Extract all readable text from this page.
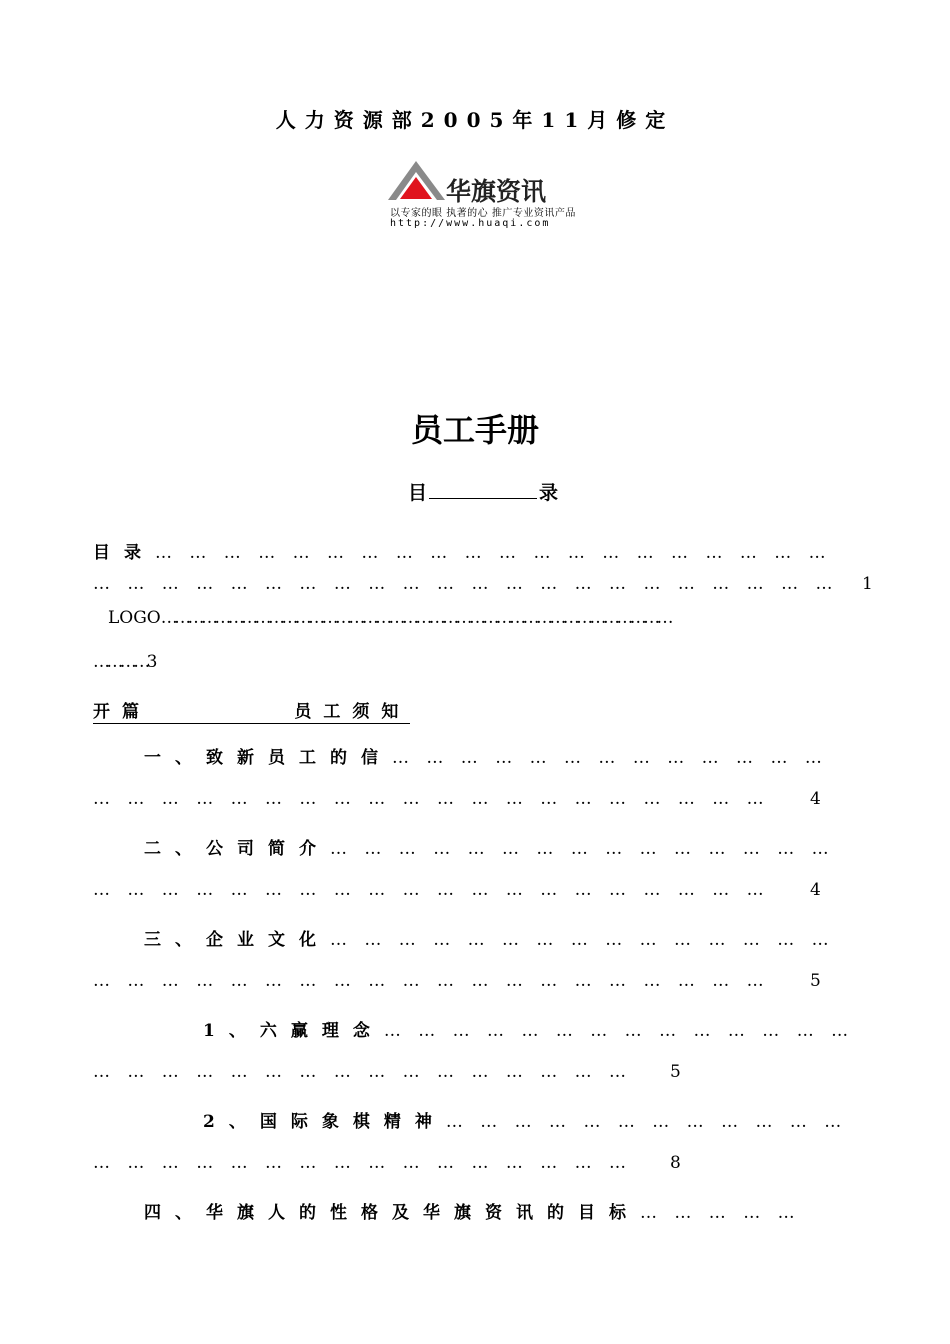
人力资源部2005年11月修定
华旗资讯
以专家的眼 执著的心 推广专业资讯产品
http://www.huaqi.com
员工手册
目	录
目录… … … … … … … … … … … … … … … … … … … …
… … … … … … … … … … … … … … … … … … … … … … 1
LOGO……………………………………………………………………………………………………
…………3
开篇        员工须知
一、致新员工的信… … … … … … … … … … … … …
… … … … … … … … … … … … … … … … … … … … 4
二、公司简介… … … … … … … … … … … … … … …
… … … … … … … … … … … … … … … … … … … … 4
三、企业文化… … … … … … … … … … … … … … …
… … … … … … … … … … … … … … … … … … … … 5
1、六赢理念… … … … … … … … … … … … … …
… … … … … … … … … … … … … … … … 5
2、国际象棋精神… … … … … … … … … … … …
… … … … … … … … … … … … … … … … 8
四、华旗人的性格及华旗资讯的目标… … … … …
